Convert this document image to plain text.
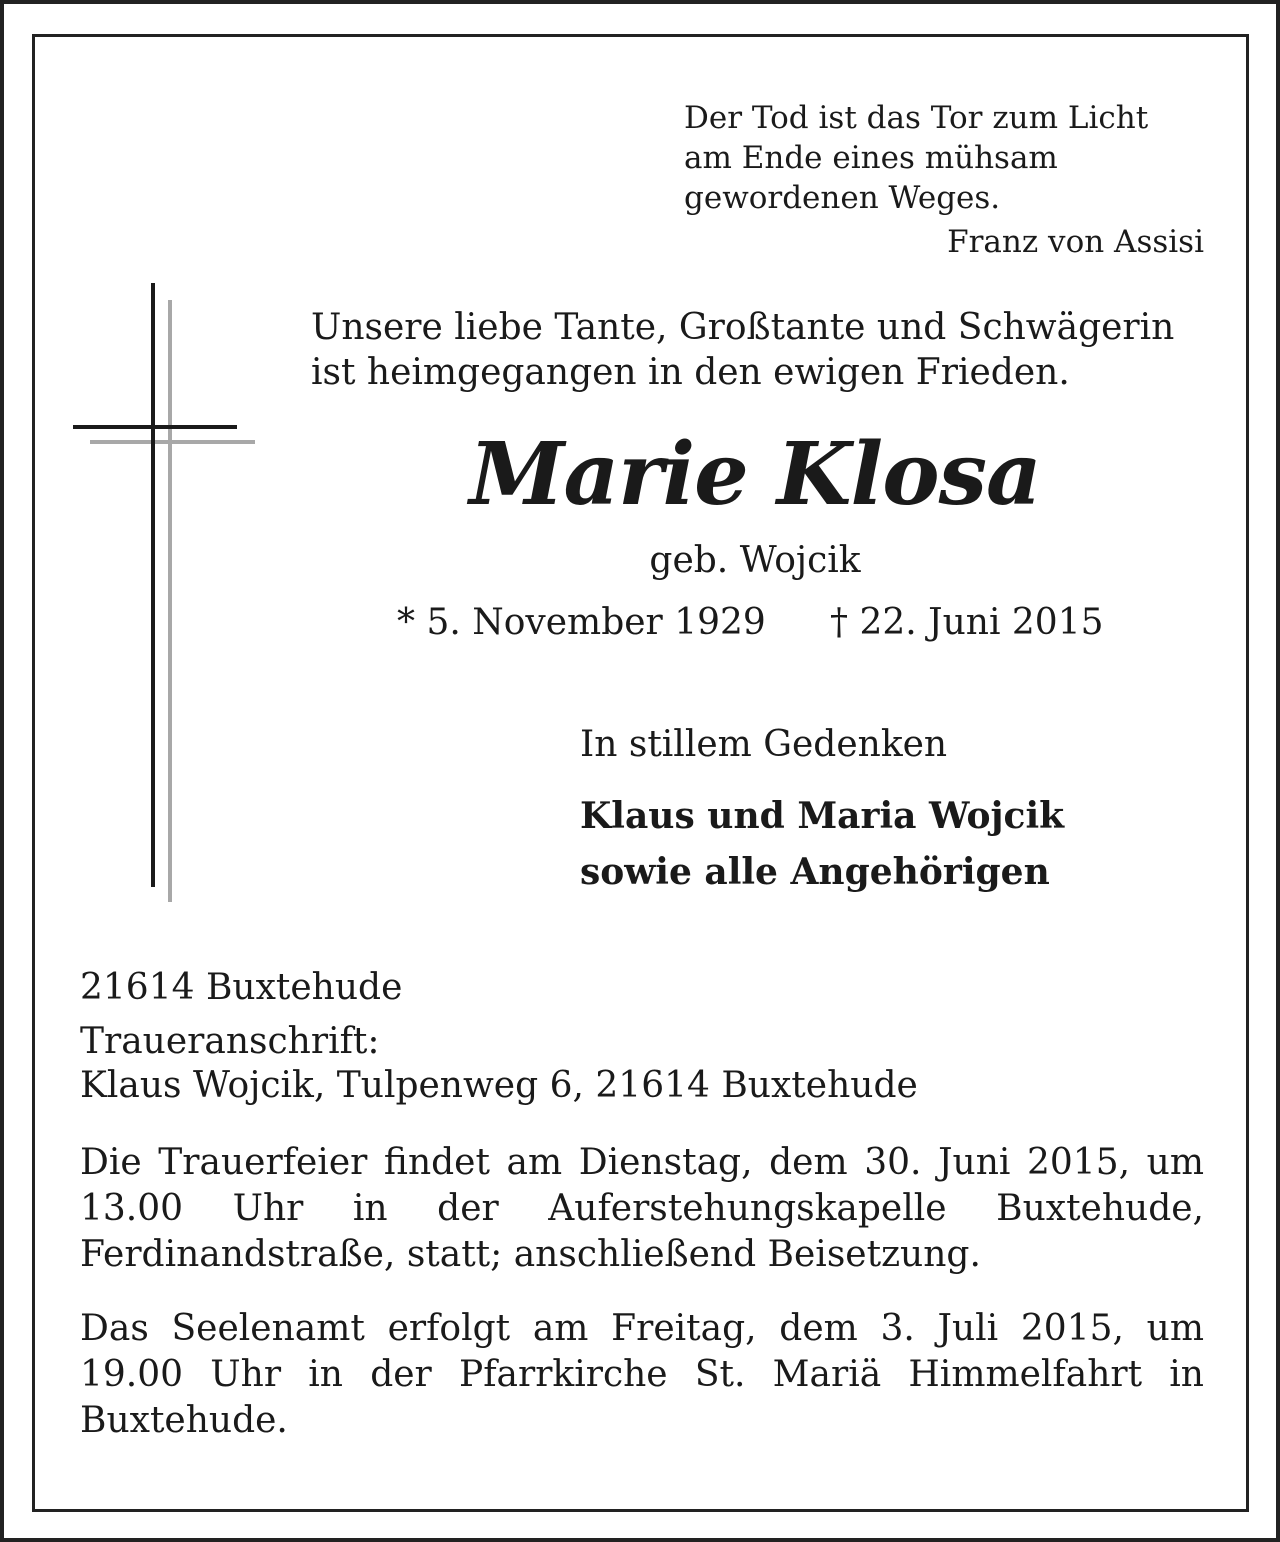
Der Tod ist das Tor zum Licht
am Ende eines mühsam
gewordenen Weges.
Franz von Assisi
Unsere liebe Tante, Großtante und Schwägerin
ist heimgegangen in den ewigen Frieden.
Marie Klosa
geb. Wojcik
* 5. November 1929 † 22. Juni 2015
In stillem Gedenken
Klaus und Maria Wojcik
sowie alle Angehörigen
21614 Buxtehude
Traueranschrift:
Klaus Wojcik, Tulpenweg 6, 21614 Buxtehude

Die Trauerfeier findet am Dienstag, dem 30. Juni 2015, um 13.00 Uhr in der Auferstehungskapelle Buxtehude, Ferdinandstraße, statt; anschließend Beisetzung.

Das Seelenamt erfolgt am Freitag, dem 3. Juli 2015, um 19.00 Uhr in der Pfarrkirche St. Mariä Himmelfahrt in Buxtehude.
